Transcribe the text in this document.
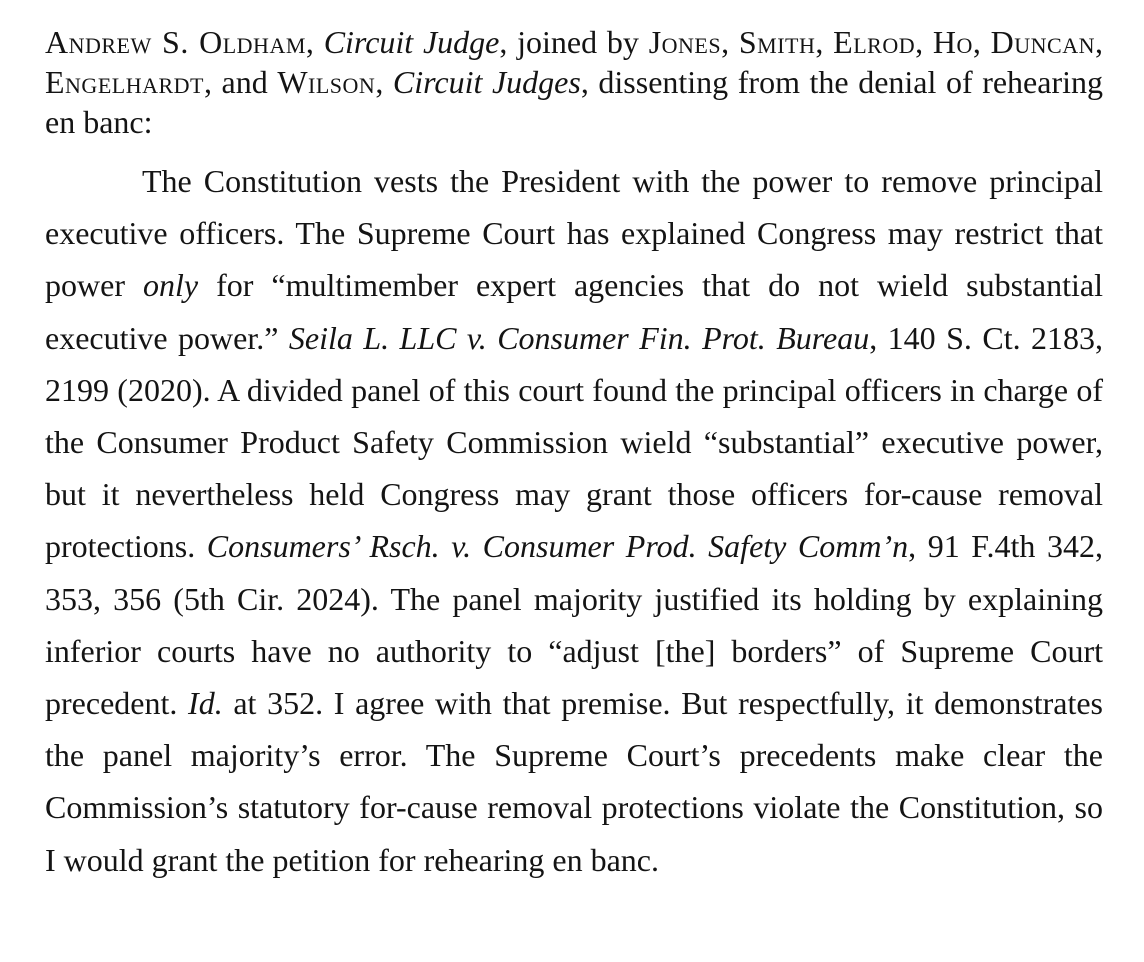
Andrew S. Oldham, Circuit Judge, joined by Jones, Smith, Elrod, Ho, Duncan, Engelhardt, and Wilson, Circuit Judges, dissenting from the denial of rehearing en banc:

The Constitution vests the President with the power to remove principal executive officers. The Supreme Court has explained Congress may restrict that power only for “multimember expert agencies that do not wield substantial executive power.” Seila L. LLC v. Consumer Fin. Prot. Bureau, 140 S. Ct. 2183, 2199 (2020). A divided panel of this court found the principal officers in charge of the Consumer Product Safety Commission wield “substantial” executive power, but it nevertheless held Congress may grant those officers for-cause removal protections. Consumers’ Rsch. v. Consumer Prod. Safety Comm’n, 91 F.4th 342, 353, 356 (5th Cir. 2024). The panel majority justified its holding by explaining inferior courts have no authority to “adjust [the] borders” of Supreme Court precedent. Id. at 352. I agree with that premise. But respectfully, it demonstrates the panel majority’s error. The Supreme Court’s precedents make clear the Commission’s statutory for-cause removal protections violate the Constitution, so I would grant the petition for rehearing en banc.
